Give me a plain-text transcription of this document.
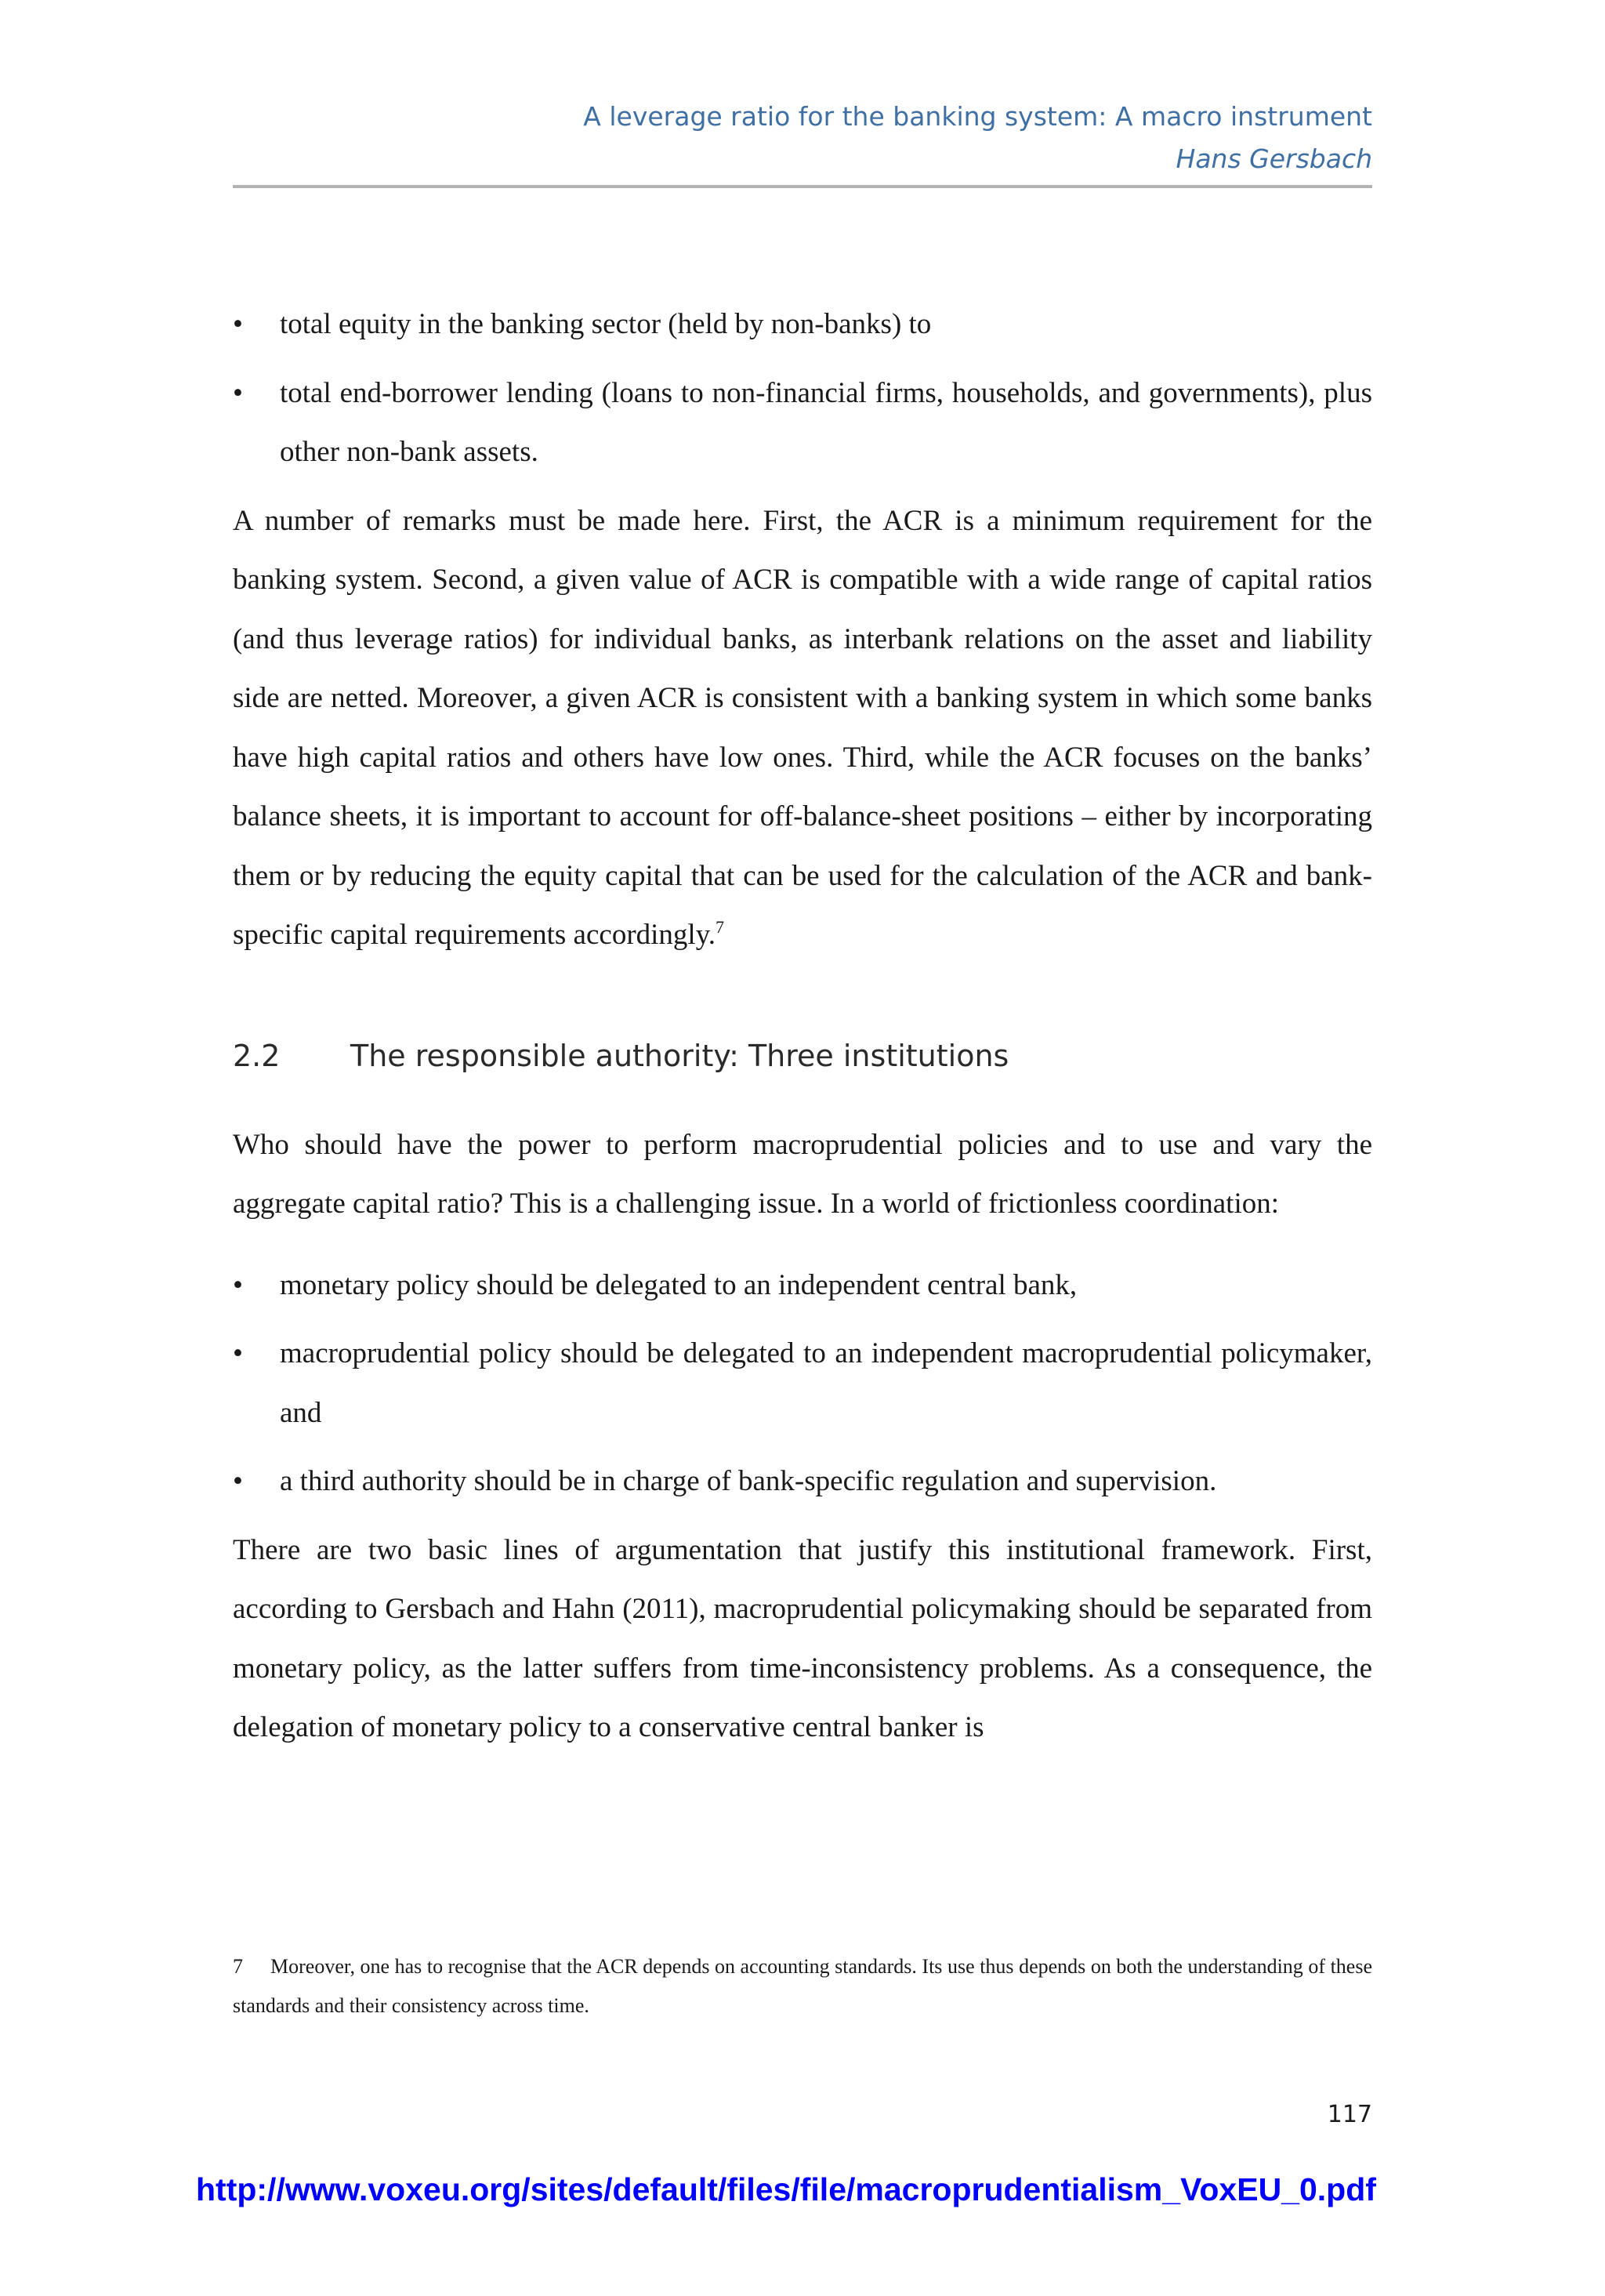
A leverage ratio for the banking system: A macro instrument
Hans Gersbach
• total equity in the banking sector (held by non-banks) to
• total end-borrower lending (loans to non-financial firms, households, and governments), plus other non-bank assets.

A number of remarks must be made here. First, the ACR is a minimum requirement for the banking system. Second, a given value of ACR is compatible with a wide range of capital ratios (and thus leverage ratios) for individual banks, as interbank relations on the asset and liability side are netted. Moreover, a given ACR is consistent with a banking system in which some banks have high capital ratios and others have low ones. Third, while the ACR focuses on the banks’ balance sheets, it is important to account for off-balance-sheet positions – either by incorporating them or by reducing the equity capital that can be used for the calculation of the ACR and bank-specific capital requirements accordingly.$^7$

2.2 The responsible authority: Three institutions

Who should have the power to perform macroprudential policies and to use and vary the aggregate capital ratio? This is a challenging issue. In a world of frictionless coordination:

• monetary policy should be delegated to an independent central bank,
• macroprudential policy should be delegated to an independent macroprudential policymaker, and
• a third authority should be in charge of bank-specific regulation and supervision.

There are two basic lines of argumentation that justify this institutional framework. First, according to Gersbach and Hahn (2011), macroprudential policymaking should be separated from monetary policy, as the latter suffers from time-inconsistency problems. As a consequence, the delegation of monetary policy to a conservative central banker is

7 Moreover, one has to recognise that the ACR depends on accounting standards. Its use thus depends on both the understanding of these standards and their consistency across time.
117
http://www.voxeu.org/sites/default/files/file/macroprudentialism_VoxEU_0.pdf
